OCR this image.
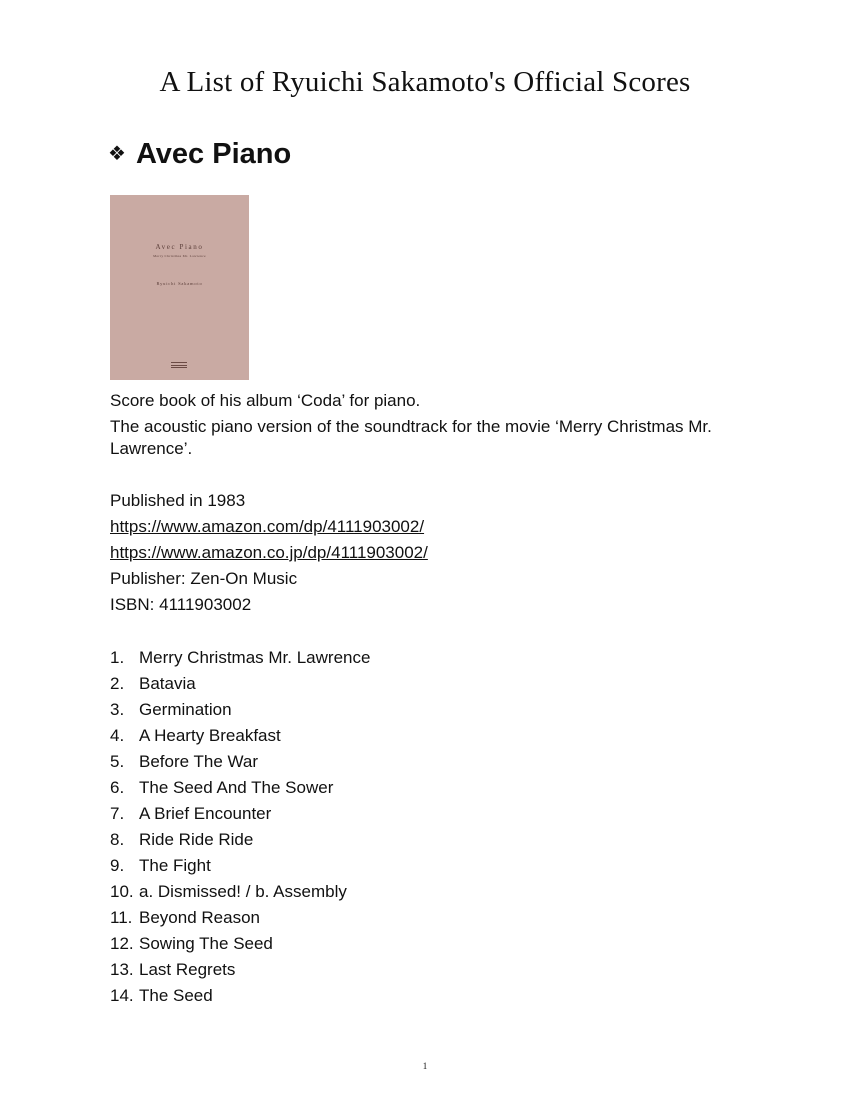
A List of Ryuichi Sakamoto's Official Scores
❖ Avec Piano
Avec Piano
Merry Christmas Mr. Lawrence
Ryuichi Sakamoto

Score book of his album ‘Coda’ for piano.

The acoustic piano version of the soundtrack for the movie ‘Merry Christmas Mr. Lawrence’.

Published in 1983
https://www.amazon.com/dp/4111903002/
https://www.amazon.co.jp/dp/4111903002/
Publisher: Zen-On Music
ISBN: 4111903002
1. Merry Christmas Mr. Lawrence
2. Batavia
3. Germination
4. A Hearty Breakfast
5. Before The War
6. The Seed And The Sower
7. A Brief Encounter
8. Ride Ride Ride
9. The Fight
10. a. Dismissed! / b. Assembly
11. Beyond Reason
12. Sowing The Seed
13. Last Regrets
14. The Seed
1
